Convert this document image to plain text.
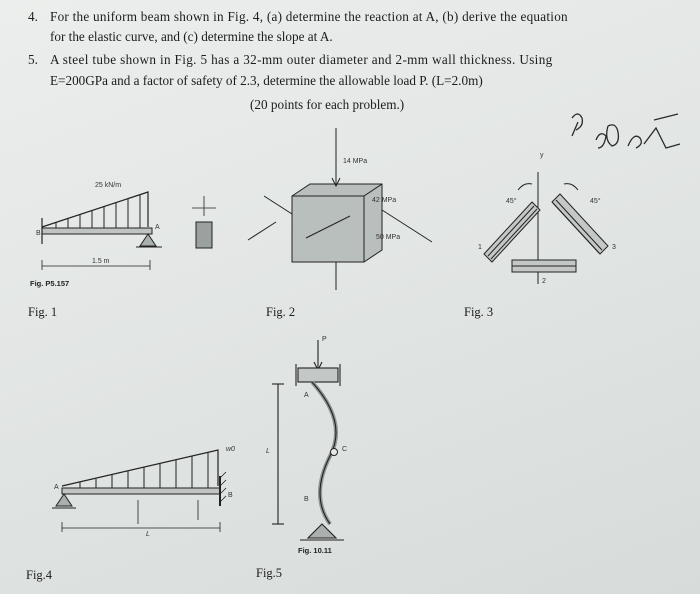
4. For the uniform beam shown in Fig. 4, (a) determine the reaction at A, (b) derive the equation
for the elastic curve, and (c) determine the slope at A.
5. A steel tube shown in Fig. 5 has a 32-mm outer diameter and 2-mm wall thickness. Using
E=200GPa and a factor of safety of 2.3, determine the allowable load P. (L=2.0m)
(20 points for each problem.)
25 kN/m
B
A
1.5 m
Fig. P5.157
Fig. 1
14 MPa
42 MPa
50 MPa
Fig. 2
y
45°	45°
1
2
3
Fig. 3
w0
A
B
L
Fig.4
P
A
C
B
L
Fig. 10.11
Fig.5
